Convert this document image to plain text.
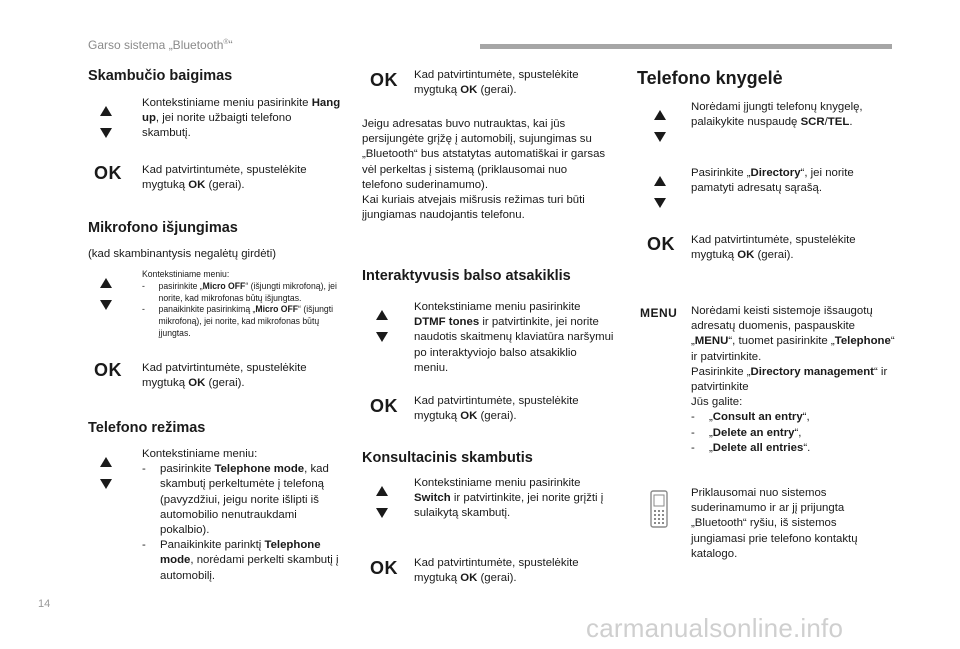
Garso sistema „Bluetooth®“
Skambučio baigimas
Kontekstiniame meniu pasirinkite Hang up, jei norite užbaigti telefono skambutį.
OK Kad patvirtintumėte, spustelėkite mygtuką OK (gerai).
Mikrofono išjungimas
(kad skambinantysis negalėtų girdėti)
Kontekstiniame meniu:
- pasirinkite „Micro OFF“ (išjungti mikrofoną), jei norite, kad mikrofonas būtų išjungtas.
- panaikinkite pasirinkimą „Micro OFF“ (išjungti mikrofoną), jei norite, kad mikrofonas būtų įjungtas.
OK Kad patvirtintumėte, spustelėkite mygtuką OK (gerai).
Telefono režimas
Kontekstiniame meniu:
- pasirinkite Telephone mode, kad skambutį perkeltumėte į telefoną (pavyzdžiui, jeigu norite išlipti iš automobilio nenutraukdami pokalbio).
- Panaikinkite parinktį Telephone mode, norėdami perkelti skambutį į automobilį.
OK Kad patvirtintumėte, spustelėkite mygtuką OK (gerai).
Jeigu adresatas buvo nutrauktas, kai jūs persijungėte grįžę į automobilį, sujungimas su „Bluetooth“ bus atstatytas automatiškai ir garsas vėl perkeltas į sistemą (priklausomai nuo telefono suderinamumo).
Kai kuriais atvejais mišrusis režimas turi būti įjungiamas naudojantis telefonu.
Interaktyvusis balso atsakiklis
Kontekstiniame meniu pasirinkite DTMF tones ir patvirtinkite, jei norite naudotis skaitmenų klaviatūra naršymui po interaktyviojo balso atsakiklio meniu.
OK Kad patvirtintumėte, spustelėkite mygtuką OK (gerai).
Konsultacinis skambutis
Kontekstiniame meniu pasirinkite Switch ir patvirtinkite, jei norite grįžti į sulaikytą skambutį.
OK Kad patvirtintumėte, spustelėkite mygtuką OK (gerai).
Telefono knygelė
Norėdami įjungti telefonų knygelę, palaikykite nuspaudę SCR/TEL.
Pasirinkite „Directory“, jei norite pamatyti adresatų sąrašą.
OK Kad patvirtintumėte, spustelėkite mygtuką OK (gerai).
MENU Norėdami keisti sistemoje išsaugotų adresatų duomenis, paspauskite „MENU“, tuomet pasirinkite „Telephone“ ir patvirtinkite.
Pasirinkite „Directory management“ ir patvirtinkite
Jūs galite:
- „Consult an entry“,
- „Delete an entry“,
- „Delete all entries“.
Priklausomai nuo sistemos suderinamumo ir ar jį prijungta „Bluetooth“ ryšiu, iš sistemos jungiamasi prie telefono kontaktų katalogo.
14
carmanualsonline.info
